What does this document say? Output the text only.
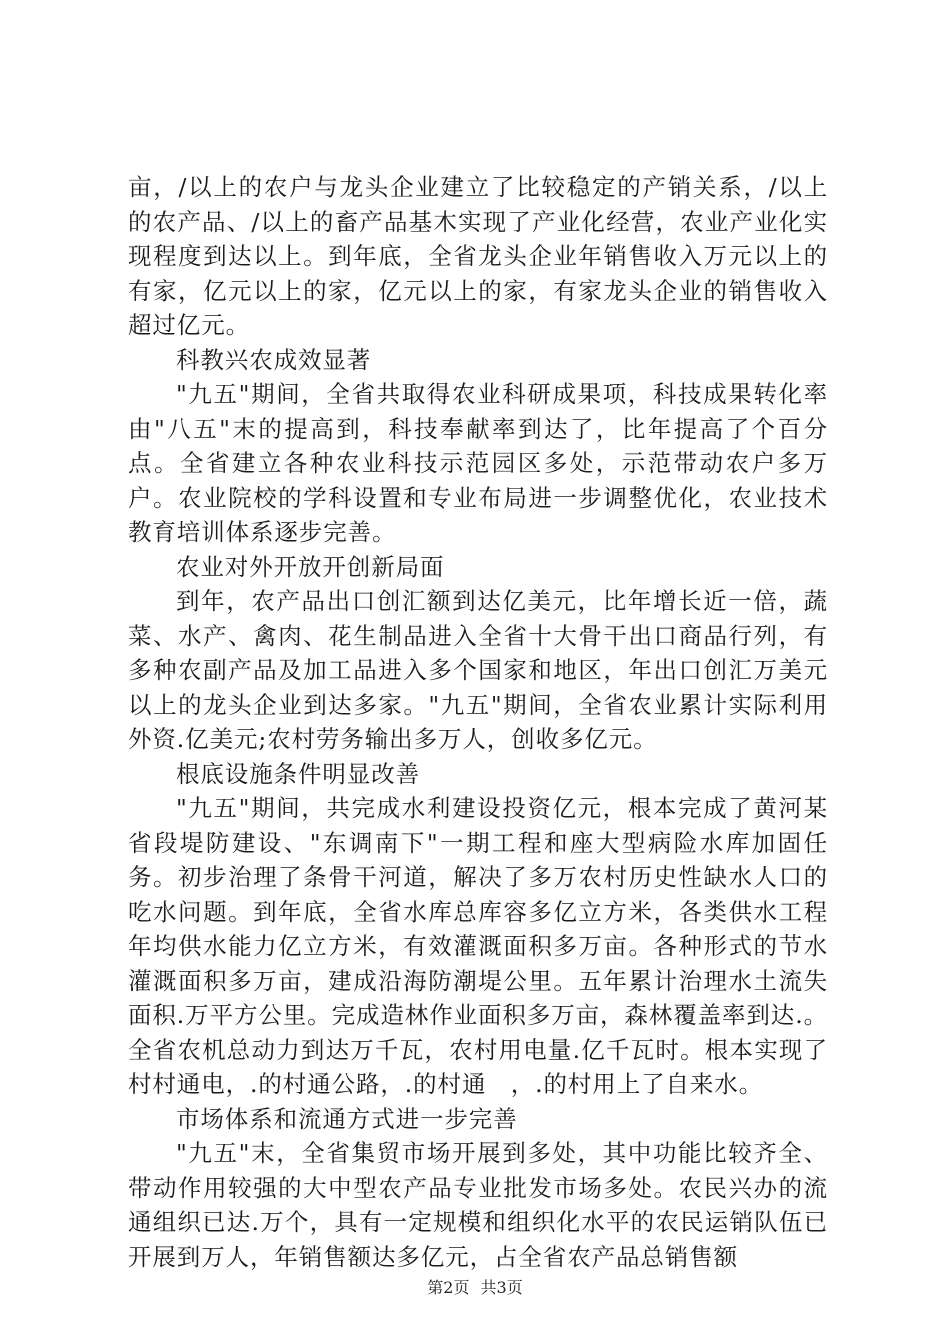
亩，/以上的农户与龙头企业建立了比较稳定的产销关系，/以上的农产品、/以上的畜产品基木实现了产业化经营，农业产业化实现程度到达以上。到年底，全省龙头企业年销售收入万元以上的有家，亿元以上的家，亿元以上的家，有家龙头企业的销售收入超过亿元。

科教兴农成效显著

"九五"期间，全省共取得农业科研成果项，科技成果转化率由"八五"末的提高到，科技奉献率到达了，比年提高了个百分点。全省建立各种农业科技示范园区多处，示范带动农户多万户。农业院校的学科设置和专业布局进一步调整优化，农业技术教育培训体系逐步完善。

农业对外开放开创新局面

到年，农产品出口创汇额到达亿美元，比年增长近一倍，蔬菜、水产、禽肉、花生制品进入全省十大骨干出口商品行列，有多种农副产品及加工品进入多个国家和地区，年出口创汇万美元以上的龙头企业到达多家。"九五"期间，全省农业累计实际利用外资.亿美元;农村劳务输出多万人，创收多亿元。

根底设施条件明显改善

"九五"期间，共完成水利建设投资亿元，根本完成了黄河某省段堤防建设、"东调南下"一期工程和座大型病险水库加固任务。初步治理了条骨干河道，解决了多万农村历史性缺水人口的吃水问题。到年底，全省水库总库容多亿立方米，各类供水工程年均供水能力亿立方米，有效灌溉面积多万亩。各种形式的节水灌溉面积多万亩，建成沿海防潮堤公里。五年累计治理水土流失面积.万平方公里。完成造林作业面积多万亩，森林覆盖率到达.。全省农机总动力到达万千瓦，农村用电量.亿千瓦时。根本实现了村村通电，.的村通公路，.的村通　，.的村用上了自来水。

市场体系和流通方式进一步完善

"九五"末，全省集贸市场开展到多处，其中功能比较齐全、带动作用较强的大中型农产品专业批发市场多处。农民兴办的流通组织已达.万个，具有一定规模和组织化水平的农民运销队伍已开展到万人，年销售额达多亿元，占全省农产品总销售额

第2页 共3页
